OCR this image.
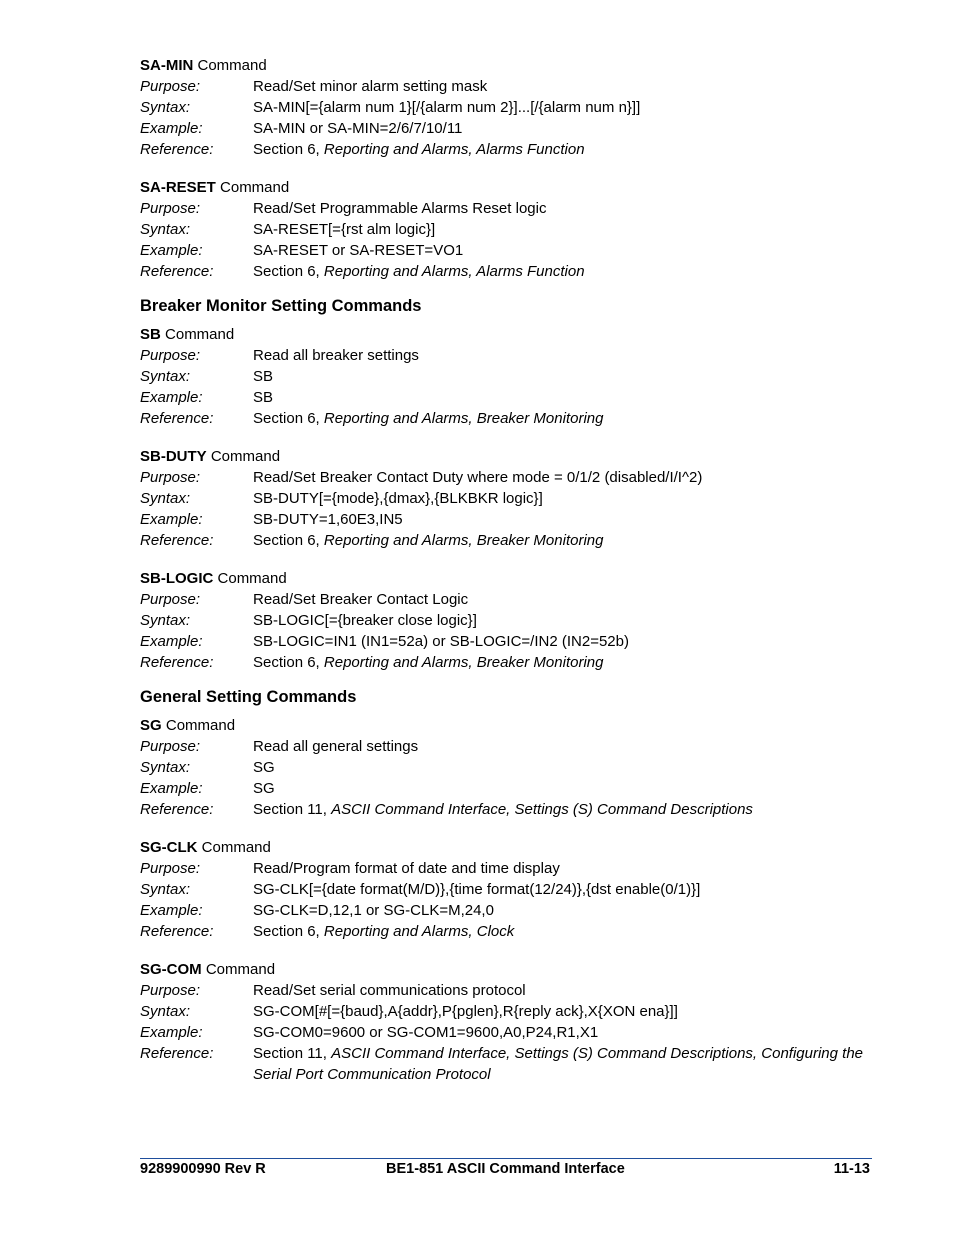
SA-MIN Command
Purpose:	Read/Set minor alarm setting mask
Syntax:	SA-MIN[={alarm num 1}[/{alarm num 2}]...[/{alarm num n}]]
Example:	SA-MIN or SA-MIN=2/6/7/10/11
Reference:	Section 6, Reporting and Alarms, Alarms Function
SA-RESET Command
Purpose:	Read/Set Programmable Alarms Reset logic
Syntax:	SA-RESET[={rst alm logic}]
Example:	SA-RESET or SA-RESET=VO1
Reference:	Section 6, Reporting and Alarms, Alarms Function
Breaker Monitor Setting Commands
SB Command
Purpose:	Read all breaker settings
Syntax:	SB
Example:	SB
Reference:	Section 6, Reporting and Alarms, Breaker Monitoring
SB-DUTY Command
Purpose:	Read/Set Breaker Contact Duty where mode = 0/1/2 (disabled/I/I^2)
Syntax:	SB-DUTY[={mode},{dmax},{BLKBKR logic}]
Example:	SB-DUTY=1,60E3,IN5
Reference:	Section 6, Reporting and Alarms, Breaker Monitoring
SB-LOGIC Command
Purpose:	Read/Set Breaker Contact Logic
Syntax:	SB-LOGIC[={breaker close logic}]
Example:	SB-LOGIC=IN1 (IN1=52a) or SB-LOGIC=/IN2 (IN2=52b)
Reference:	Section 6, Reporting and Alarms, Breaker Monitoring
General Setting Commands
SG Command
Purpose:	Read all general settings
Syntax:	SG
Example:	SG
Reference:	Section 11, ASCII Command Interface, Settings (S) Command Descriptions
SG-CLK Command
Purpose:	Read/Program format of date and time display
Syntax:	SG-CLK[={date format(M/D)},{time format(12/24)},{dst enable(0/1)}]
Example:	SG-CLK=D,12,1 or SG-CLK=M,24,0
Reference:	Section 6, Reporting and Alarms, Clock
SG-COM Command
Purpose:	Read/Set serial communications protocol
Syntax:	SG-COM[#[={baud},A{addr},P{pglen},R{reply ack},X{XON ena}]]
Example:	SG-COM0=9600 or SG-COM1=9600,A0,P24,R1,X1
Reference:	Section 11, ASCII Command Interface, Settings (S) Command Descriptions, Configuring the Serial Port Communication Protocol
9289900990 Rev R	BE1-851 ASCII Command Interface	11-13
